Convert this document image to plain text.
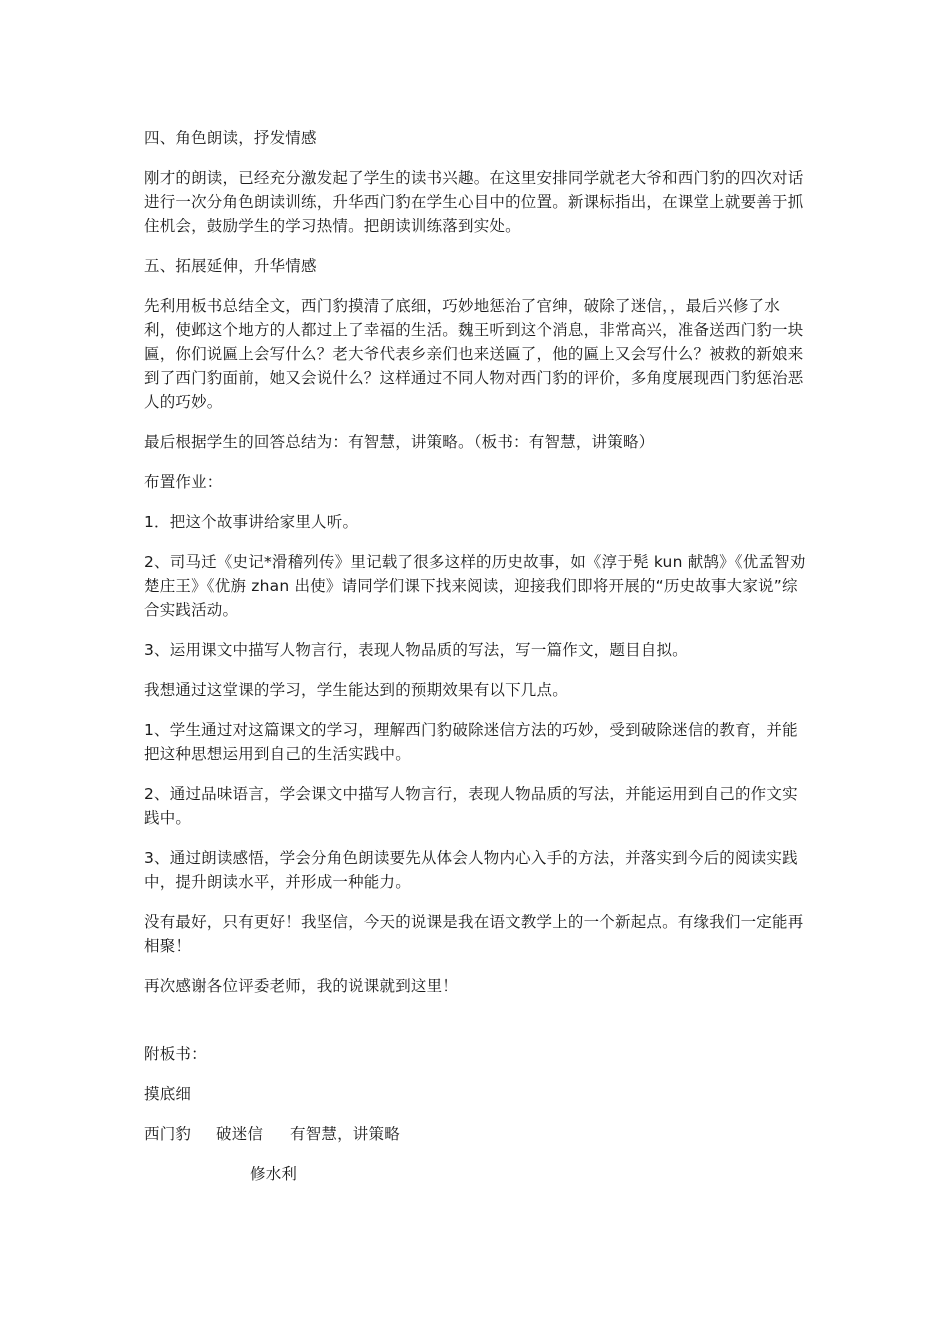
四、角色朗读，抒发情感

刚才的朗读，已经充分激发起了学生的读书兴趣。在这里安排同学就老大爷和西门豹的四次对话进行一次分角色朗读训练，升华西门豹在学生心目中的位置。新课标指出，在课堂上就要善于抓住机会，鼓励学生的学习热情。把朗读训练落到实处。

五、拓展延伸，升华情感

先利用板书总结全文，西门豹摸清了底细，巧妙地惩治了官绅，破除了迷信，，最后兴修了水利，使邺这个地方的人都过上了幸福的生活。魏王听到这个消息，非常高兴，准备送西门豹一块匾，你们说匾上会写什么？老大爷代表乡亲们也来送匾了，他的匾上又会写什么？被救的新娘来到了西门豹面前，她又会说什么？这样通过不同人物对西门豹的评价，多角度展现西门豹惩治恶人的巧妙。

最后根据学生的回答总结为：有智慧，讲策略。（板书：有智慧，讲策略）

布置作业：

1．把这个故事讲给家里人听。

2、司马迁《史记*滑稽列传》里记载了很多这样的历史故事，如《淳于髡 kun 献鹄》《优孟智劝楚庄王》《优旃 zhan 出使》请同学们课下找来阅读，迎接我们即将开展的“历史故事大家说”综合实践活动。

3、运用课文中描写人物言行，表现人物品质的写法，写一篇作文，题目自拟。

我想通过这堂课的学习，学生能达到的预期效果有以下几点。

1、学生通过对这篇课文的学习，理解西门豹破除迷信方法的巧妙，受到破除迷信的教育，并能把这种思想运用到自己的生活实践中。

2、通过品味语言，学会课文中描写人物言行，表现人物品质的写法，并能运用到自己的作文实践中。

3、通过朗读感悟，学会分角色朗读要先从体会人物内心入手的方法，并落实到今后的阅读实践中，提升朗读水平，并形成一种能力。

没有最好，只有更好！我坚信，今天的说课是我在语文教学上的一个新起点。有缘我们一定能再相聚！

再次感谢各位评委老师，我的说课就到这里！

附板书：

摸底细

西门豹	破迷信	有智慧，讲策略
修水利
